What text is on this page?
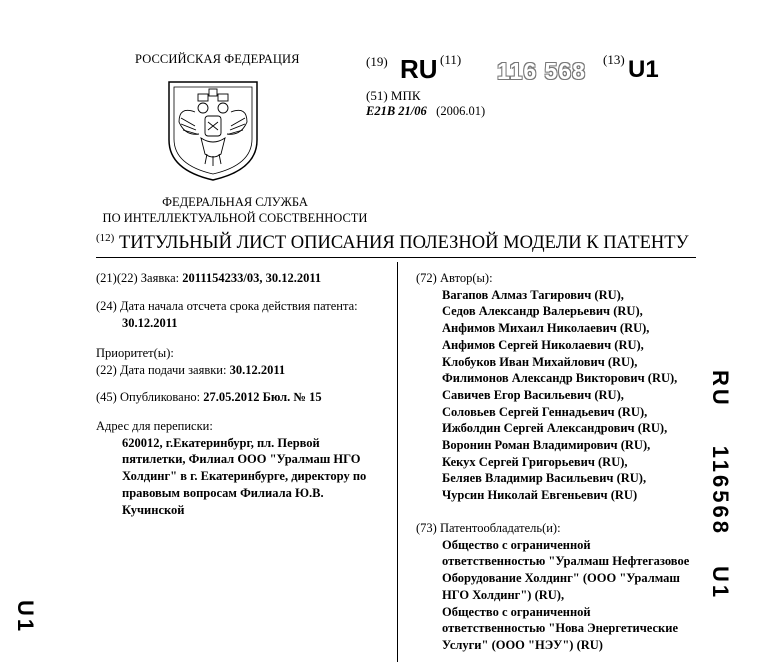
РОССИЙСКАЯ ФЕДЕРАЦИЯ
ФЕДЕРАЛЬНАЯ СЛУЖБА
ПО ИНТЕЛЛЕКТУАЛЬНОЙ СОБСТВЕННОСТИ
(19) RU (11) 116 568 (13) U1
(51) МПК
E21B 21/06 (2006.01)
$^{(12)}$ ТИТУЛЬНЫЙ ЛИСТ ОПИСАНИЯ ПОЛЕЗНОЙ МОДЕЛИ К ПАТЕНТУ
(21)(22) Заявка: 2011154233/03, 30.12.2011
(24) Дата начала отсчета срока действия патента:
30.12.2011
Приоритет(ы):
(22) Дата подачи заявки: 30.12.2011
(45) Опубликовано: 27.05.2012 Бюл. № 15
Адрес для переписки:
620012, г.Екатеринбург, пл. Первой
пятилетки, Филиал ООО "Уралмаш НГО
Холдинг" в г. Екатеринбурге, директору по
правовым вопросам Филиала Ю.В.
Кучинской
(72) Автор(ы):
Вагапов Алмаз Тагирович (RU),
Седов Александр Валерьевич (RU),
Анфимов Михаил Николаевич (RU),
Анфимов Сергей Николаевич (RU),
Клобуков Иван Михайлович (RU),
Филимонов Александр Викторович (RU),
Савичев Егор Васильевич (RU),
Соловьев Сергей Геннадьевич (RU),
Ижболдин Сергей Александрович (RU),
Воронин Роман Владимирович (RU),
Кекух Сергей Григорьевич (RU),
Беляев Владимир Васильевич (RU),
Чурсин Николай Евгеньевич (RU)
(73) Патентообладатель(и):
Общество с ограниченной
ответственностью "Уралмаш Нефтегазовое
Оборудование Холдинг" (ООО "Уралмаш
НГО Холдинг") (RU),
Общество с ограниченной
ответственностью "Нова Энергетические
Услуги" (ООО "НЭУ") (RU)
RU116568U1
U1
